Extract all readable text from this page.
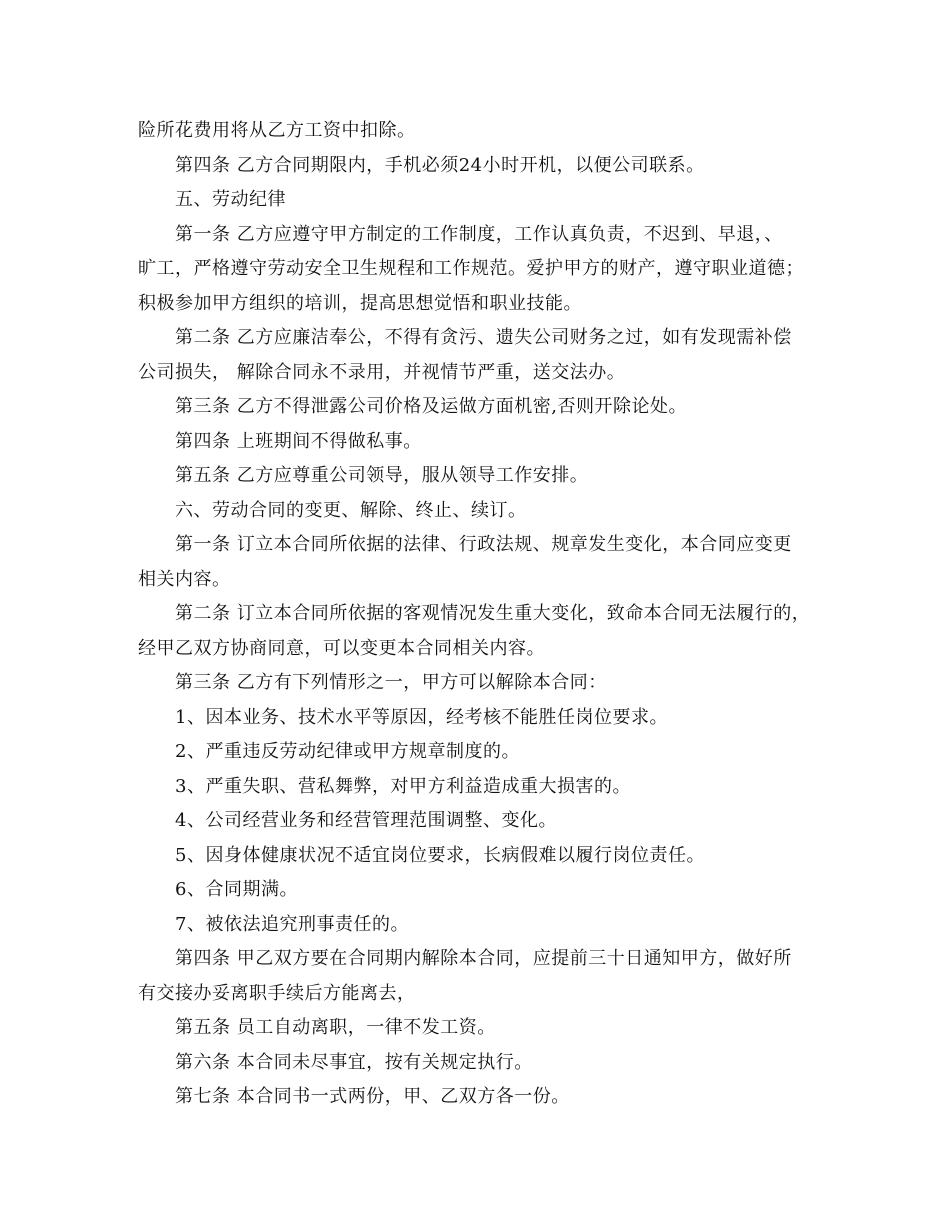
险所花费用将从乙方工资中扣除。
第四条 乙方合同期限内，手机必须24小时开机，以便公司联系。
五、劳动纪律
第一条 乙方应遵守甲方制定的工作制度，工作认真负责，不迟到、早退，、
旷工，严格遵守劳动安全卫生规程和工作规范。爱护甲方的财产，遵守职业道德；
积极参加甲方组织的培训，提高思想觉悟和职业技能。
第二条 乙方应廉洁奉公，不得有贪污、遗失公司财务之过，如有发现需补偿
公司损失， 解除合同永不录用，并视情节严重，送交法办。
第三条 乙方不得泄露公司价格及运做方面机密,否则开除论处。
第四条 上班期间不得做私事。
第五条 乙方应尊重公司领导，服从领导工作安排。
六、劳动合同的变更、解除、终止、续订。
第一条 订立本合同所依据的法律、行政法规、规章发生变化，本合同应变更
相关内容。
第二条 订立本合同所依据的客观情况发生重大变化，致命本合同无法履行的，
经甲乙双方协商同意，可以变更本合同相关内容。
第三条 乙方有下列情形之一，甲方可以解除本合同：
1、因本业务、技术水平等原因，经考核不能胜任岗位要求。
2、严重违反劳动纪律或甲方规章制度的。
3、严重失职、营私舞弊，对甲方利益造成重大损害的。
4、公司经营业务和经营管理范围调整、变化。
5、因身体健康状况不适宜岗位要求，长病假难以履行岗位责任。
6、合同期满。
7、被依法追究刑事责任的。
第四条 甲乙双方要在合同期内解除本合同，应提前三十日通知甲方，做好所
有交接办妥离职手续后方能离去，
第五条 员工自动离职，一律不发工资。
第六条 本合同未尽事宜，按有关规定执行。
第七条 本合同书一式两份，甲、乙双方各一份。
